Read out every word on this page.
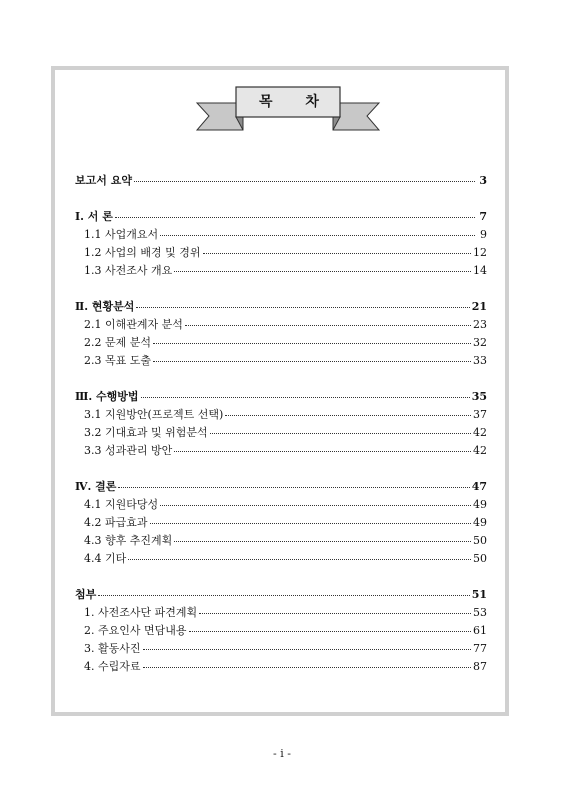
목 차
보고서 요약	3
Ⅰ. 서 론	7
1.1 사업개요서	9
1.2 사업의 배경 및 경위	12
1.3 사전조사 개요	14
Ⅱ. 현황분석	21
2.1 이해관계자 분석	23
2.2 문제 분석	32
2.3 목표 도출	33
Ⅲ. 수행방법	35
3.1 지원방안(프로젝트 선택)	37
3.2 기대효과 및 위험분석	42
3.3 성과관리 방안	42
Ⅳ. 결론	47
4.1 지원타당성	49
4.2 파급효과	49
4.3 향후 추진계획	50
4.4 기타	50
첨부	51
1. 사전조사단 파견계획	53
2. 주요인사 면담내용	61
3. 활동사진	77
4. 수립자료	87
- i -
